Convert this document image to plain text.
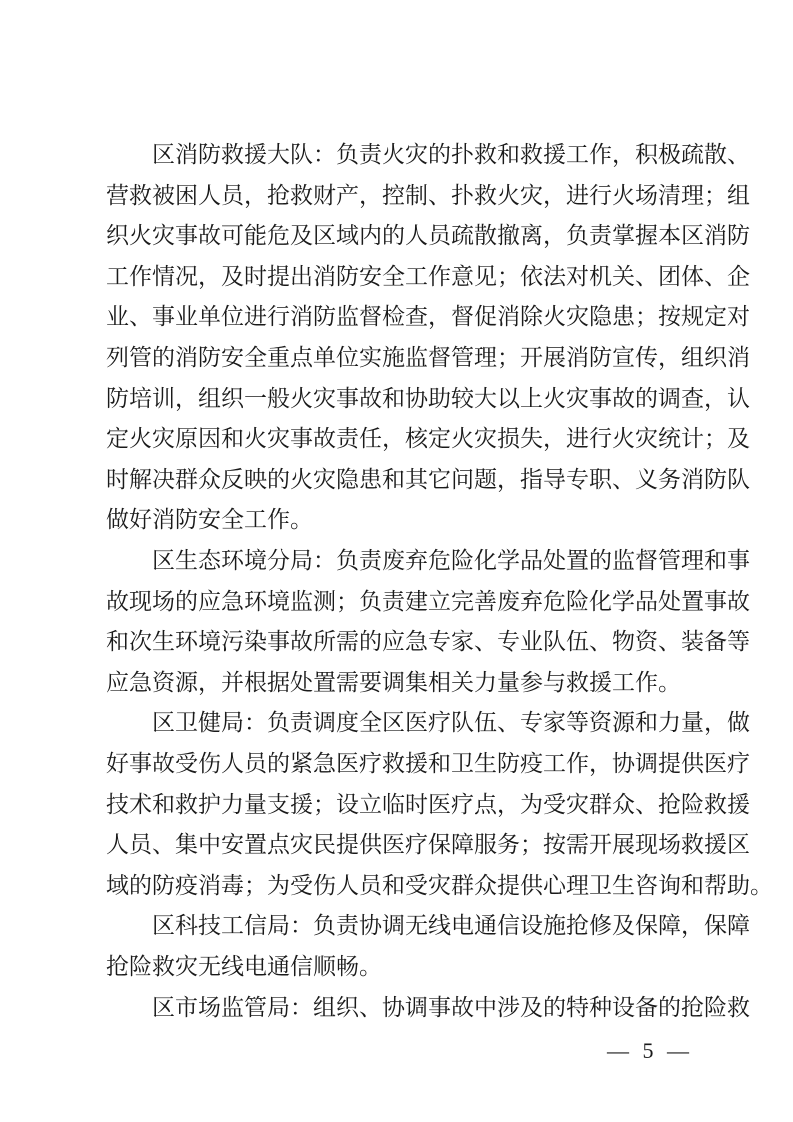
区消防救援大队：负责火灾的扑救和救援工作，积极疏散、
营救被困人员，抢救财产，控制、扑救火灾，进行火场清理；组
织火灾事故可能危及区域内的人员疏散撤离，负责掌握本区消防
工作情况，及时提出消防安全工作意见；依法对机关、团体、企
业、事业单位进行消防监督检查，督促消除火灾隐患；按规定对
列管的消防安全重点单位实施监督管理；开展消防宣传，组织消
防培训，组织一般火灾事故和协助较大以上火灾事故的调查，认
定火灾原因和火灾事故责任，核定火灾损失，进行火灾统计；及
时解决群众反映的火灾隐患和其它问题，指导专职、义务消防队
做好消防安全工作。
区生态环境分局：负责废弃危险化学品处置的监督管理和事
故现场的应急环境监测；负责建立完善废弃危险化学品处置事故
和次生环境污染事故所需的应急专家、专业队伍、物资、装备等
应急资源，并根据处置需要调集相关力量参与救援工作。
区卫健局：负责调度全区医疗队伍、专家等资源和力量，做
好事故受伤人员的紧急医疗救援和卫生防疫工作，协调提供医疗
技术和救护力量支援；设立临时医疗点，为受灾群众、抢险救援
人员、集中安置点灾民提供医疗保障服务；按需开展现场救援区
域的防疫消毒；为受伤人员和受灾群众提供心理卫生咨询和帮助。
区科技工信局：负责协调无线电通信设施抢修及保障，保障
抢险救灾无线电通信顺畅。
区市场监管局：组织、协调事故中涉及的特种设备的抢险救
— 5 —
